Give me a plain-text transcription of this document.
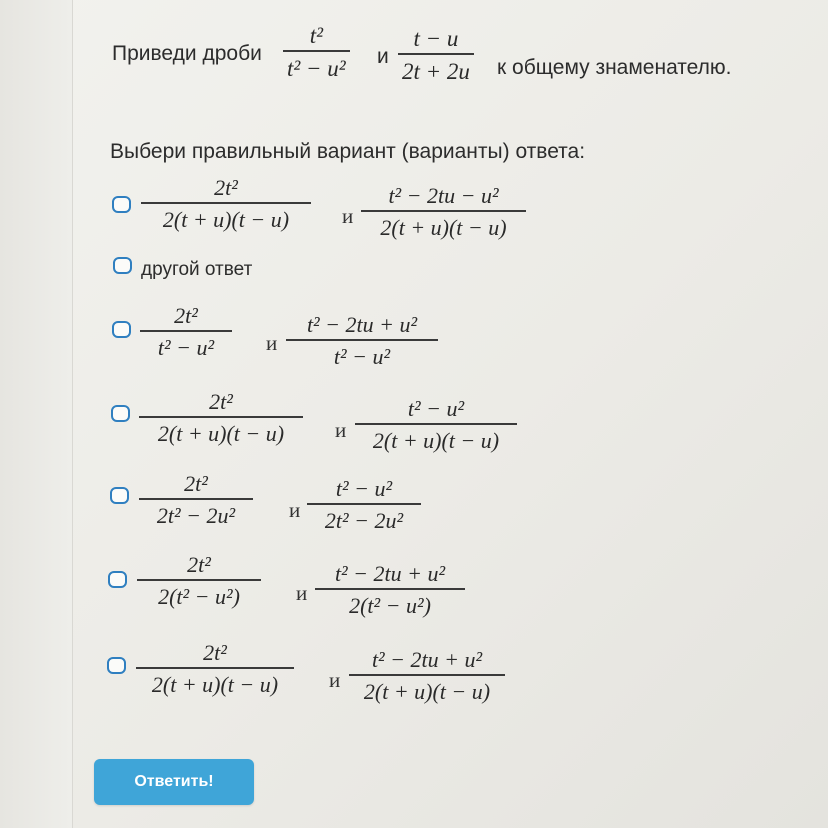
Приведи дроби
t²
t² − u² и
t − u
2t + 2u к общему знаменателю.
Выбери правильный вариант (варианты) ответа:
2t²
2(t + u)(t − u)	и
t² − 2tu − u²
2(t + u)(t − u)
другой ответ
2t²
t² − u² и
t² − 2tu + u²
t² − u²
2t²
2(t + u)(t − u) и
t² − u²
2(t + u)(t − u)
2t²
2t² − 2u²	и
t² − u²
2t² − 2u²
2t²
2(t² − u²)	и
t² − 2tu + u²
2(t² − u²)
2t²
2(t + u)(t − u) и
t² − 2tu + u²
2(t + u)(t − u)
Ответить!
